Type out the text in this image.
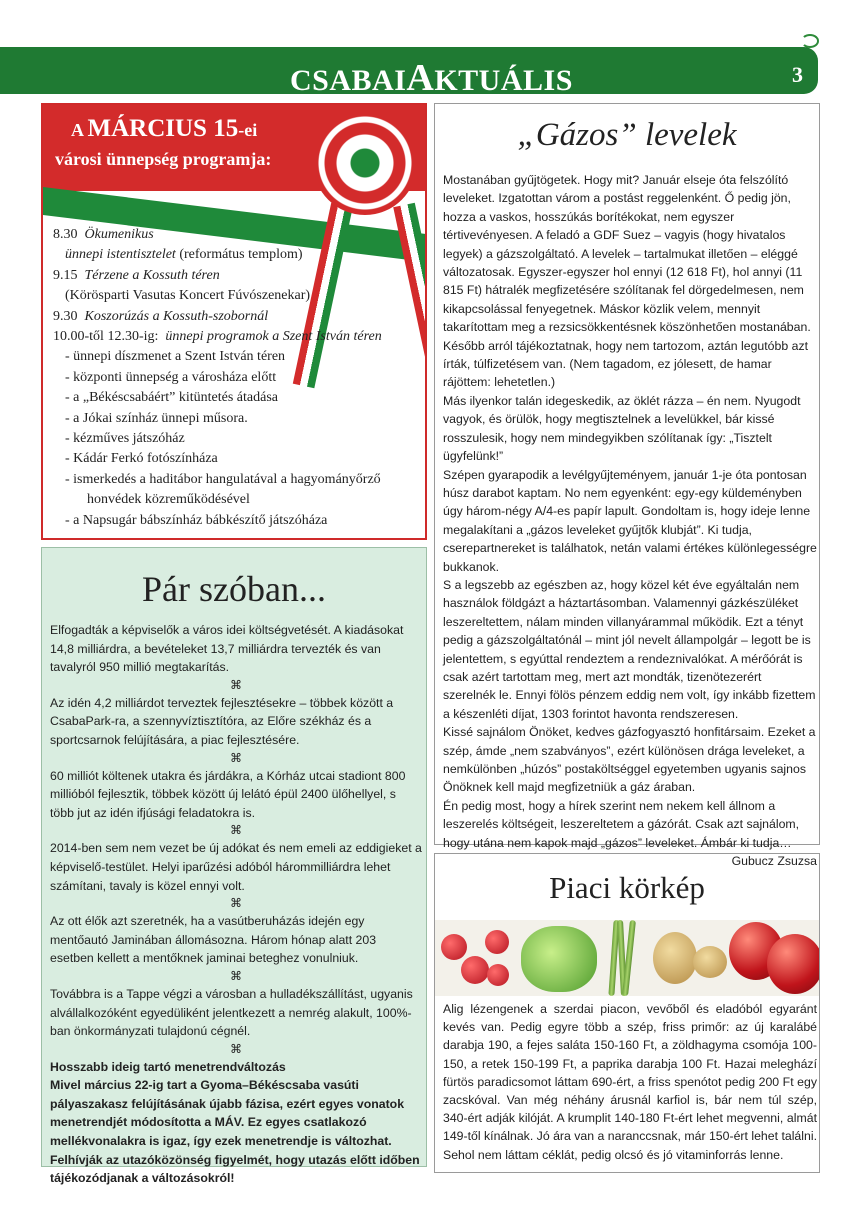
CSABAIAKTUÁLIS	3
A MÁRCIUS 15-ei
városi ünnepség programja:
8.30 Ökumenikus
ünnepi istentisztelet (református templom)
9.15 Térzene a Kossuth téren
(Körösparti Vasutas Koncert Fúvószenekar)
9.30 Koszorúzás a Kossuth-szobornál
10.00-től 12.30-ig: ünnepi programok a Szent István téren
- ünnepi díszmenet a Szent István téren
- központi ünnepség a városháza előtt
- a „Békéscsabáért” kitüntetés átadása
- a Jókai színház ünnepi műsora.
- kézműves játszóház
- Kádár Ferkó fotószínháza
- ismerkedés a haditábor hangulatával a hagyományőrző
honvédek közreműködésével
- a Napsugár bábszínház bábkészítő játszóháza
Pár szóban...

Elfogadták a képviselők a város idei költségvetését. A kiadásokat 14,8 milliárdra, a bevételeket 13,7 milliárdra tervezték és van tavalyról 950 millió megtakarítás.

⌘

Az idén 4,2 milliárdot terveztek fejlesztésekre – többek között a CsabaPark-ra, a szennyvíztisztítóra, az Előre székház és a sportcsarnok felújítására, a piac fejlesztésére.

⌘

60 milliót költenek utakra és járdákra, a Kórház utcai stadiont 800 millióból fejlesztik, többek között új lelátó épül 2400 ülőhellyel, s több jut az idén ifjúsági feladatokra is.

⌘

2014-ben sem nem vezet be új adókat és nem emeli az eddigieket a képviselő-testület. Helyi iparűzési adóból hárommilliárdra lehet számítani, tavaly is közel ennyi volt.

⌘

Az ott élők azt szeretnék, ha a vasútberuházás idején egy mentőautó Jaminában állomásozna. Három hónap alatt 203 esetben kellett a mentőknek jaminai beteghez vonulniuk.

⌘

Továbbra is a Tappe végzi a városban a hulladékszállítást, ugyanis alvállalkozóként egyedüliként jelentkezett a nemrég alakult, 100%-ban önkormányzati tulajdonú cégnél.

⌘

Hosszabb ideig tartó menetrendváltozás

Mivel március 22-ig tart a Gyoma–Békéscsaba vasúti pályaszakasz felújításának újabb fázisa, ezért egyes vonatok menetrendjét módosította a MÁV. Ez egyes csatlakozó mellékvonalakra is igaz, így ezek menetrendje is változhat. Felhívják az utazóközönség figyelmét, hogy utazás előtt időben tájékozódjanak a változásokról!

„Gázos” levelek

Mostanában gyűjtögetek. Hogy mit? Január elseje óta felszólító leveleket. Izgatottan várom a postást reggelenként. Ő pedig jön, hozza a vaskos, hosszúkás borítékokat, nem egyszer tértivevényesen. A feladó a GDF Suez – vagyis (hogy hivatalos legyek) a gázszolgáltató. A levelek – tartalmukat illetően – eléggé változatosak. Egyszer-egyszer hol ennyi (12 618 Ft), hol annyi (11 815 Ft) hátralék megfizetésére szólítanak fel dörgedelmesen, nem kikapcsolással fenyegetnek. Máskor közlik velem, mennyit takarítottam meg a rezsicsökkentésnek köszönhetően mostanában. Később arról tájékoztatnak, hogy nem tartozom, aztán legutóbb azt írták, túlfizetésem van. (Nem tagadom, ez jólesett, de hamar rájöttem: lehetetlen.)

Más ilyenkor talán idegeskedik, az öklét rázza – én nem. Nyugodt vagyok, és örülök, hogy megtisztelnek a levelükkel, bár kissé rosszulesik, hogy nem mindegyikben szólítanak így: „Tisztelt ügyfelünk!”

Szépen gyarapodik a levélgyűjteményem, január 1-je óta pontosan húsz darabot kaptam. No nem egyenként: egy-egy küldeményben úgy három-négy A/4-es papír lapult. Gondoltam is, hogy ideje lenne megalakítani a „gázos leveleket gyűjtők klubját”. Ki tudja, cserepartnereket is találhatok, netán valami értékes különlegességre bukkanok.

S a legszebb az egészben az, hogy közel két éve egyáltalán nem használok földgázt a háztartásomban. Valamennyi gázkészüléket leszereltettem, nálam minden villanyárammal működik. Ezt a tényt pedig a gázszolgáltatónál – mint jól nevelt állampolgár – legott be is jelentettem, s egyúttal rendeztem a rendeznivalókat. A mérőórát is csak azért tartottam meg, mert azt mondták, tizenötezerért szerelnék le. Ennyi fölös pénzem eddig nem volt, így inkább fizettem a készenléti díjat, 1303 forintot havonta rendszeresen.

Kissé sajnálom Önöket, kedves gázfogyasztó honfitársaim. Ezeket a szép, ámde „nem szabványos”, ezért különösen drága leveleket, a nemkülönben „húzós” postaköltséggel egyetemben ugyanis sajnos Önöknek kell majd megfizetniük a gáz áraban.

Én pedig most, hogy a hírek szerint nem nekem kell állnom a leszerelés költségeit, leszereltetem a gázórát. Csak azt sajnálom, hogy utána nem kapok majd „gázos” leveleket. Ámbár ki tudja…

Gubucz Zsuzsa

Piaci körkép
Alig lézengenek a szerdai piacon, vevőből és eladóból egyaránt kevés van. Pedig egyre több a szép, friss primőr: az új karalábé darabja 190, a fejes saláta 150-160 Ft, a zöldhagyma csomója 100-150, a retek 150-199 Ft, a paprika darabja 100 Ft. Hazai meleghází fürtös paradicsomot láttam 690-ért, a friss spenótot pedig 200 Ft egy zacskóval. Van még néhány árusnál karfiol is, bár nem túl szép, 340-ért adják kilóját. A krumplit 140-180 Ft-ért lehet megvenni, almát 149-től kínálnak. Jó ára van a naranccsnak, már 150-ért lehet találni. Sehol nem láttam céklát, pedig olcsó és jó vitaminforrás lenne.
